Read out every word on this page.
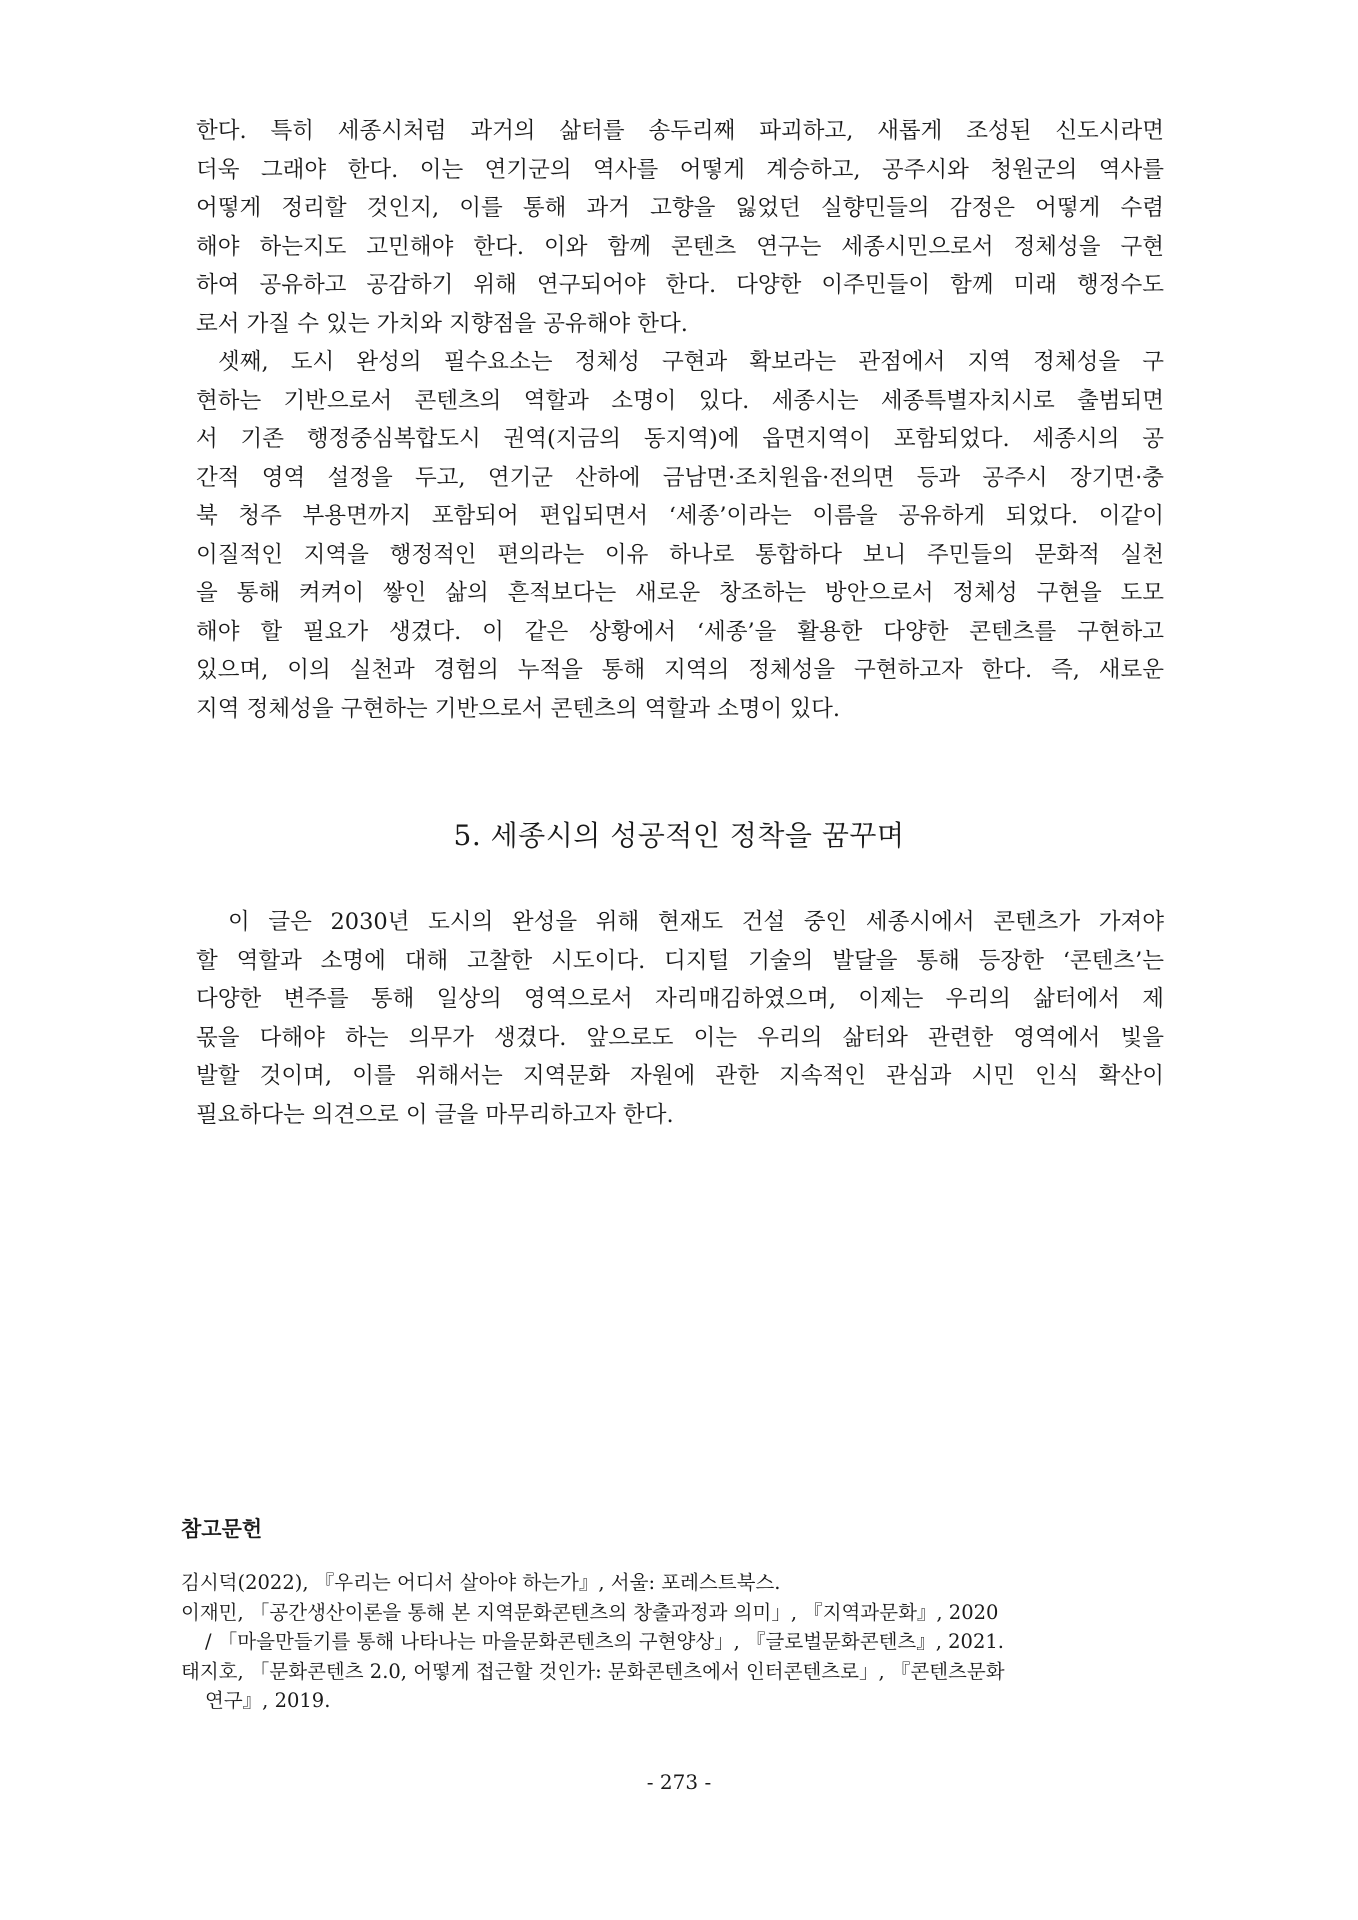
한다. 특히 세종시처럼 과거의 삶터를 송두리째 파괴하고, 새롭게 조성된 신도시라면

더욱 그래야 한다. 이는 연기군의 역사를 어떻게 계승하고, 공주시와 청원군의 역사를

어떻게 정리할 것인지, 이를 통해 과거 고향을 잃었던 실향민들의 감정은 어떻게 수렴

해야 하는지도 고민해야 한다. 이와 함께 콘텐츠 연구는 세종시민으로서 정체성을 구현

하여 공유하고 공감하기 위해 연구되어야 한다. 다양한 이주민들이 함께 미래 행정수도

로서 가질 수 있는 가치와 지향점을 공유해야 한다.

셋째, 도시 완성의 필수요소는 정체성 구현과 확보라는 관점에서 지역 정체성을 구

현하는 기반으로서 콘텐츠의 역할과 소명이 있다. 세종시는 세종특별자치시로 출범되면

서 기존 행정중심복합도시 권역(지금의 동지역)에 읍면지역이 포함되었다. 세종시의 공

간적 영역 설정을 두고, 연기군 산하에 금남면·조치원읍·전의면 등과 공주시 장기면·충

북 청주 부용면까지 포함되어 편입되면서 ‘세종’이라는 이름을 공유하게 되었다. 이같이

이질적인 지역을 행정적인 편의라는 이유 하나로 통합하다 보니 주민들의 문화적 실천

을 통해 켜켜이 쌓인 삶의 흔적보다는 새로운 창조하는 방안으로서 정체성 구현을 도모

해야 할 필요가 생겼다. 이 같은 상황에서 ‘세종’을 활용한 다양한 콘텐츠를 구현하고

있으며, 이의 실천과 경험의 누적을 통해 지역의 정체성을 구현하고자 한다. 즉, 새로운

지역 정체성을 구현하는 기반으로서 콘텐츠의 역할과 소명이 있다.

5. 세종시의 성공적인 정착을 꿈꾸며

이 글은 2030년 도시의 완성을 위해 현재도 건설 중인 세종시에서 콘텐츠가 가져야

할 역할과 소명에 대해 고찰한 시도이다. 디지털 기술의 발달을 통해 등장한 ‘콘텐츠’는

다양한 변주를 통해 일상의 영역으로서 자리매김하였으며, 이제는 우리의 삶터에서 제

몫을 다해야 하는 의무가 생겼다. 앞으로도 이는 우리의 삶터와 관련한 영역에서 빛을

발할 것이며, 이를 위해서는 지역문화 자원에 관한 지속적인 관심과 시민 인식 확산이

필요하다는 의견으로 이 글을 마무리하고자 한다.

참고문헌
김시덕(2022), 『우리는 어디서 살아야 하는가』, 서울: 포레스트북스.
이재민, 「공간생산이론을 통해 본 지역문화콘텐츠의 창출과정과 의미」, 『지역과문화』, 2020
/ 「마을만들기를 통해 나타나는 마을문화콘텐츠의 구현양상」, 『글로벌문화콘텐츠』, 2021.
태지호, 「문화콘텐츠 2.0, 어떻게 접근할 것인가: 문화콘텐츠에서 인터콘텐츠로」, 『콘텐츠문화
연구』, 2019.
- 273 -
